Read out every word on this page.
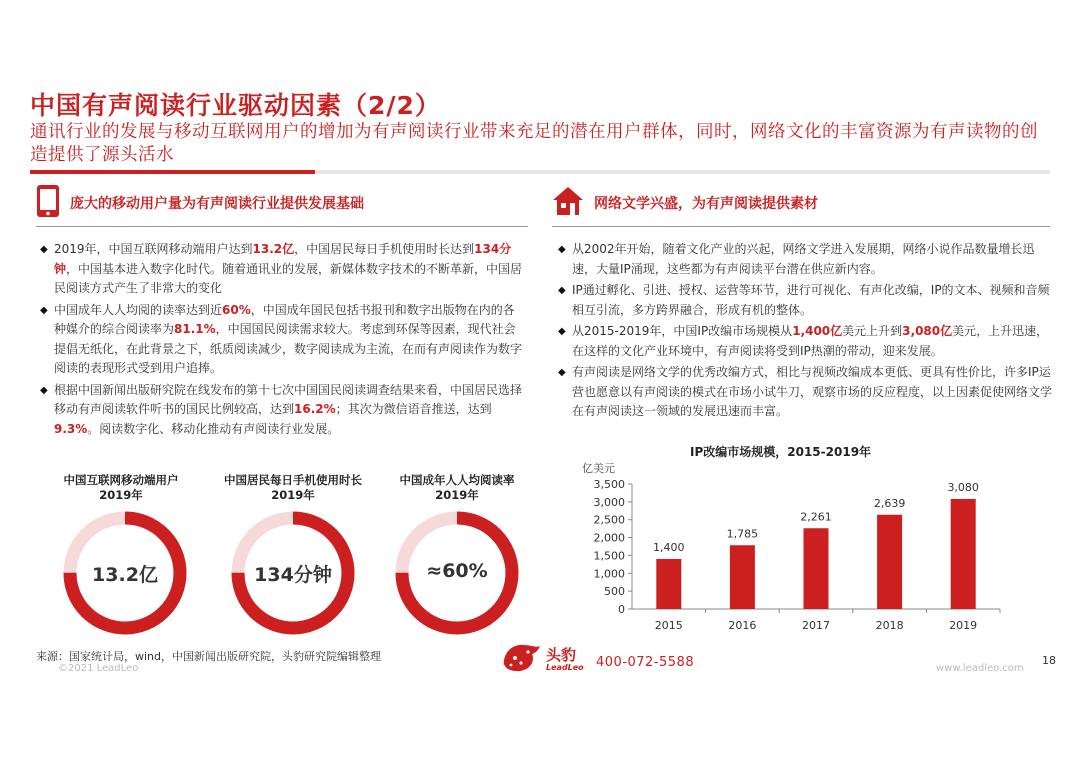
中国有声阅读行业驱动因素（2/2）
通讯行业的发展与移动互联网用户的增加为有声阅读行业带来充足的潜在用户群体，同时，网络文化的丰富资源为有声读物的创造提供了源头活水
庞大的移动用户量为有声阅读行业提供发展基础	网络文学兴盛，为有声阅读提供素材
◆ 2019年，中国互联网移动端用户达到13.2亿，中国居民每日手机使用时长达到134分钟，中国基本进入数字化时代。随着通讯业的发展，新媒体数字技术的不断革新，中国居民阅读方式产生了非常大的变化
◆ 中国成年人人均阅的读率达到近60%，中国成年国民包括书报刊和数字出版物在内的各种媒介的综合阅读率为81.1%，中国国民阅读需求较大。考虑到环保等因素，现代社会提倡无纸化，在此背景之下，纸质阅读减少，数字阅读成为主流，在而有声阅读作为数字阅读的表现形式受到用户追捧。
◆ 根据中国新闻出版研究院在线发布的第十七次中国国民阅读调查结果来看，中国居民选择移动有声阅读软件听书的国民比例较高，达到16.2%；其次为微信语音推送，达到9.3%。阅读数字化、移动化推动有声阅读行业发展。
◆ 从2002年开始，随着文化产业的兴起，网络文学进入发展期，网络小说作品数量增长迅速，大量IP涌现，这些都为有声阅读平台潜在供应新内容。
◆ IP通过孵化、引进、授权、运营等环节，进行可视化、有声化改编，IP的文本、视频和音频相互引流，多方跨界融合，形成有机的整体。
◆ 从2015-2019年，中国IP改编市场规模从1,400亿美元上升到3,080亿美元，上升迅速，在这样的文化产业环境中，有声阅读将受到IP热潮的带动，迎来发展。
◆ 有声阅读是网络文学的优秀改编方式，相比与视频改编成本更低、更具有性价比，许多IP运营也愿意以有声阅读的模式在市场小试牛刀，观察市场的反应程度，以上因素促使网络文学在有声阅读这一领域的发展迅速而丰富。
中国互联网移动端用户
2019年
中国居民每日手机使用时长
2019年
中国成年人人均阅读率
2019年
13.2亿	134分钟	≈60%
IP改编市场规模，2015-2019年
亿美元
0
500
1,000
1,500
2,000
2,500
3,000
3,500
1,400
2015
1,785
2016
2,261
2017
2,639
2018
3,080
2019
来源：国家统计局，wind，中国新闻出版研究院，头豹研究院编辑整理
©2021 LeadLeo
头豹
LeadLeo 400-072-5588	www.leadleo.com
18
